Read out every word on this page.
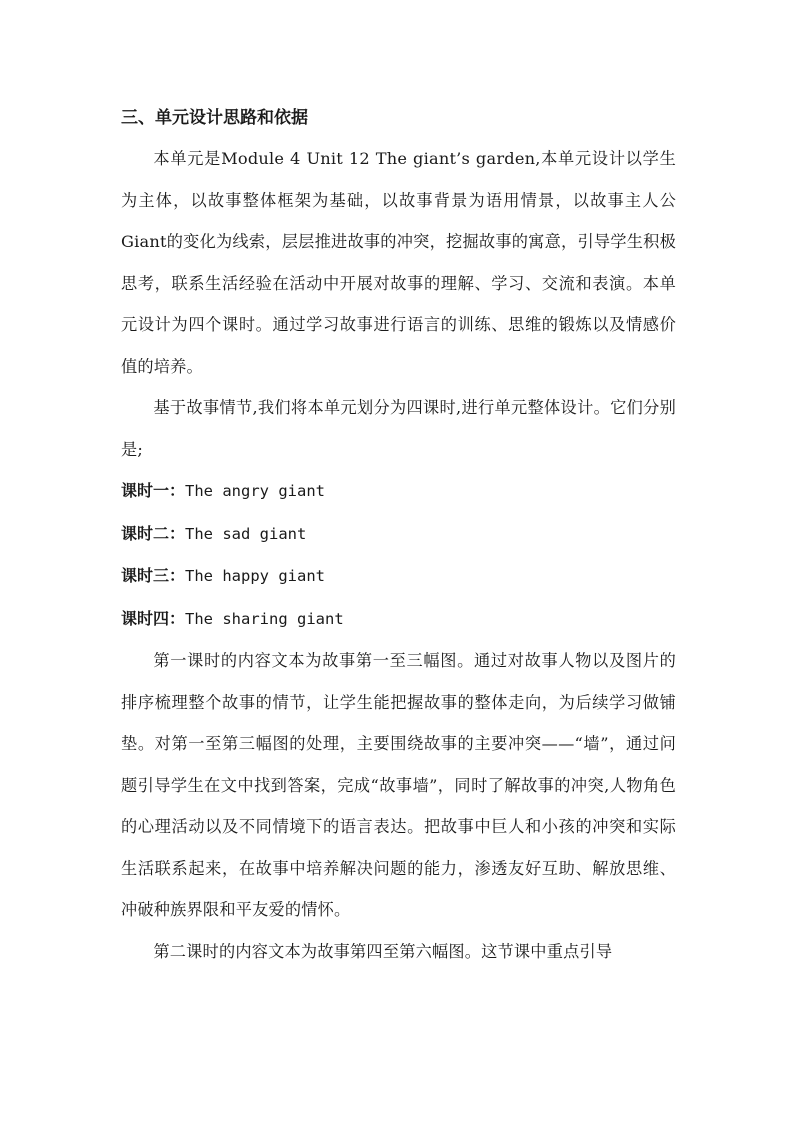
三、单元设计思路和依据

本单元是Module 4 Unit 12 The giant’s garden,本单元设计以学生为主体，以故事整体框架为基础，以故事背景为语用情景，以故事主人公Giant的变化为线索，层层推进故事的冲突，挖掘故事的寓意，引导学生积极思考，联系生活经验在活动中开展对故事的理解、学习、交流和表演。本单元设计为四个课时。通过学习故事进行语言的训练、思维的锻炼以及情感价值的培养。

基于故事情节,我们将本单元划分为四课时,进行单元整体设计。它们分别是;

课时一：The angry giant

课时二：The sad giant

课时三：The happy giant

课时四：The sharing giant

第一课时的内容文本为故事第一至三幅图。通过对故事人物以及图片的排序梳理整个故事的情节，让学生能把握故事的整体走向，为后续学习做铺垫。对第一至第三幅图的处理，主要围绕故事的主要冲突——“墙”，通过问题引导学生在文中找到答案，完成“故事墙”，同时了解故事的冲突,人物角色的心理活动以及不同情境下的语言表达。把故事中巨人和小孩的冲突和实际生活联系起来，在故事中培养解决问题的能力，渗透友好互助、解放思维、冲破种族界限和平友爱的情怀。

第二课时的内容文本为故事第四至第六幅图。这节课中重点引导
